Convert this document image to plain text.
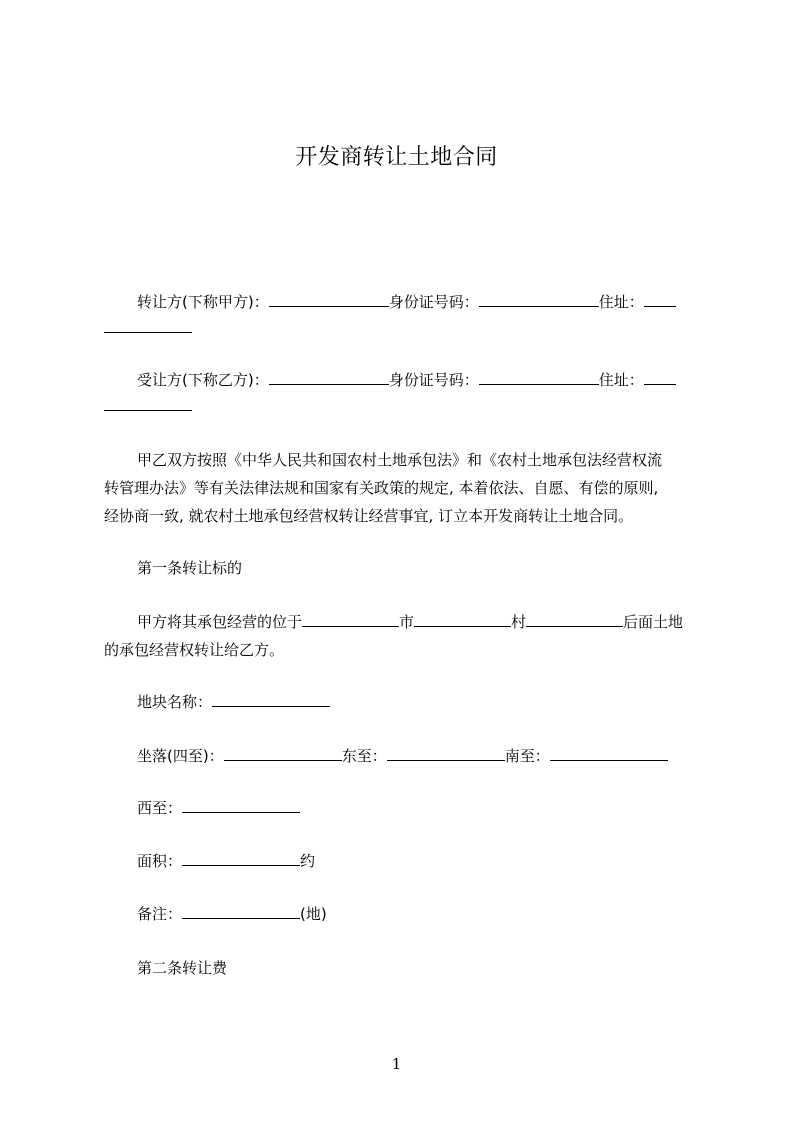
开发商转让土地合同
转让方(下称甲方)：	身份证号码：	住址：
受让方(下称乙方)：	身份证号码：	住址：
甲乙双方按照《中华人民共和国农村土地承包法》和《农村土地承包法经营权流
转管理办法》等有关法律法规和国家有关政策的规定, 本着依法、自愿、有偿的原则,
经协商一致, 就农村土地承包经营权转让经营事宜, 订立本开发商转让土地合同。
第一条转让标的
甲方将其承包经营的位于	市	村	后面土地
的承包经营权转让给乙方。
地块名称：
坐落(四至)：	东至：	南至：
西至：
面积：	约
备注：	(地)
第二条转让费
1
